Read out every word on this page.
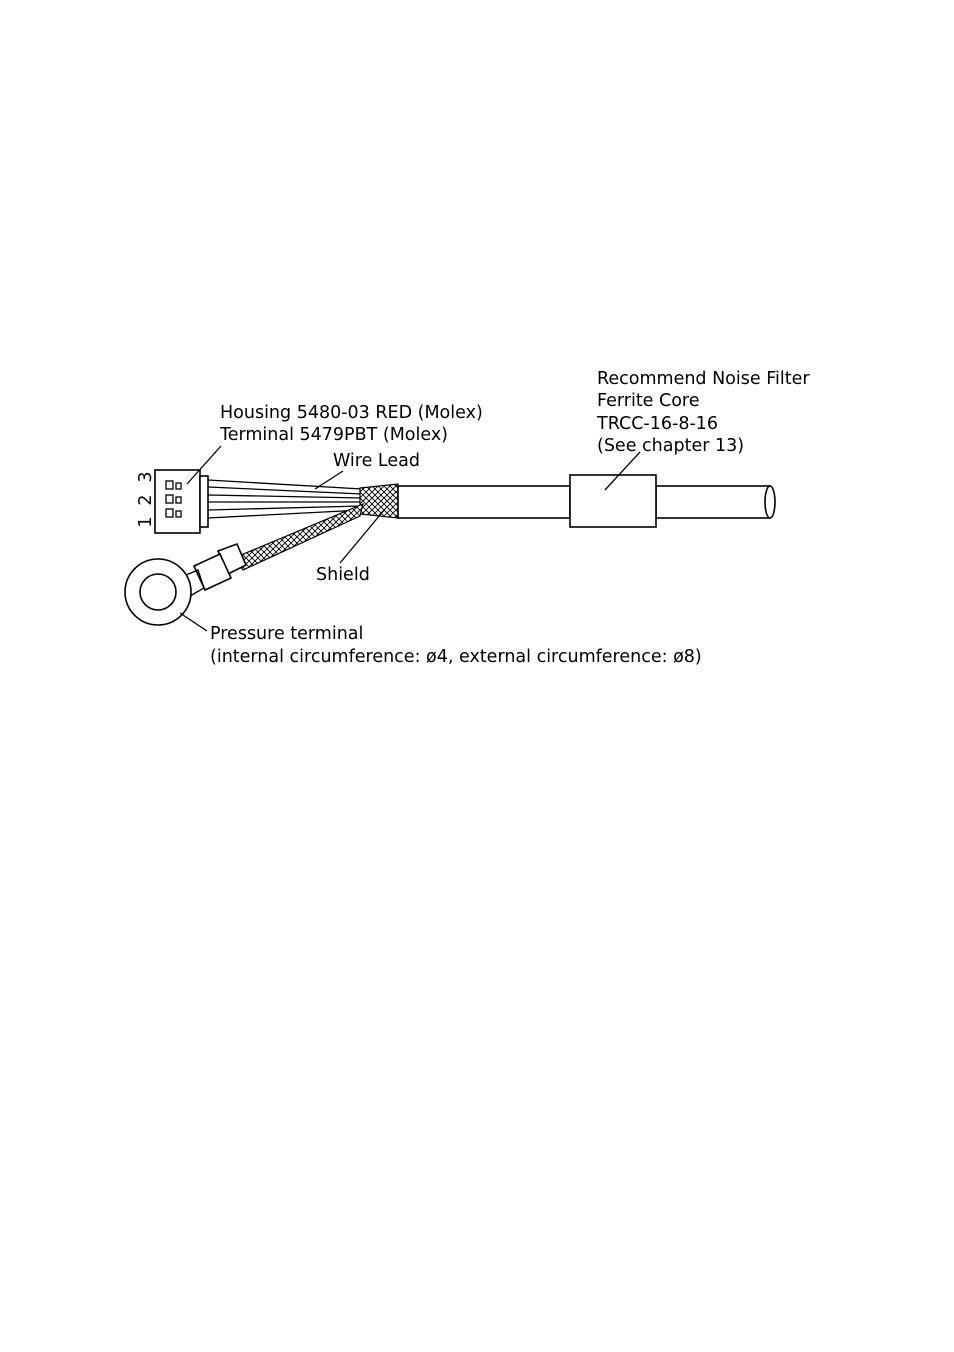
3
2
1
Housing 5480-03 RED (Molex)
Terminal 5479PBT (Molex)
Wire Lead
Shield
Recommend Noise Filter
Ferrite Core
TRCC-16-8-16
(See chapter 13)
Pressure terminal
(internal circumference: ø4, external circumference: ø8)
